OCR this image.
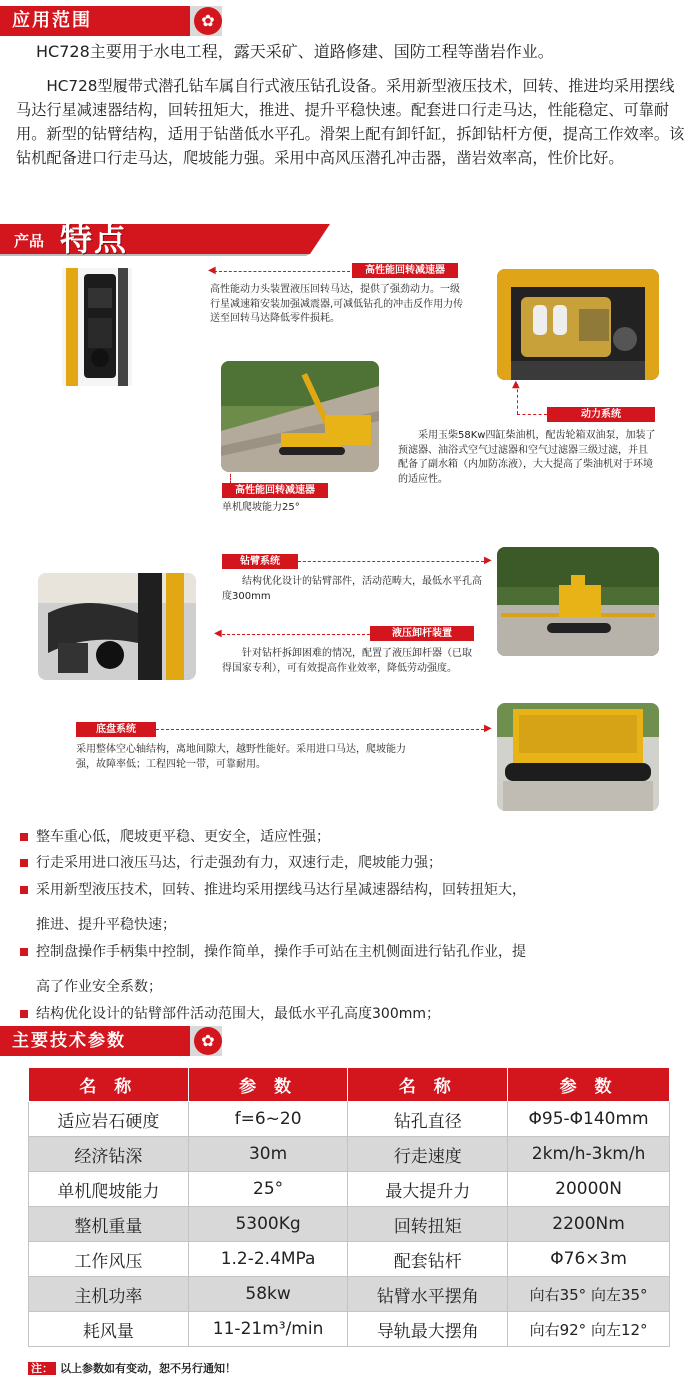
应用范围	✿

HC728主要用于水电工程，露天采矿、道路修建、国防工程等凿岩作业。

HC728型履带式潜孔钻车属自行式液压钻孔设备。采用新型液压技术，回转、推进均采用摆线马达行星减速器结构，回转扭矩大，推进、提升平稳快速。配套进口行走马达，性能稳定、可靠耐用。新型的钻臂结构，适用于钻凿低水平孔。滑架上配有卸钎缸，拆卸钻杆方便，提高工作效率。该钻机配备进口行走马达，爬坡能力强。采用中高风压潜孔冲击器，凿岩效率高，性价比好。

产品 特点
◀	高性能回转减速器
高性能动力头装置液压回转马达，提供了强劲动力。一级行星减速箱安装加强减震器,可减低钻孔的冲击反作用力传送至回转马达降低零件损耗。
▲
动力系统
采用玉柴58Kw四缸柴油机，配齿轮箱双油泵，加装了预滤器、油浴式空气过滤器和空气过滤器三级过滤，并且配备了副水箱（内加防冻液），大大提高了柴油机对于环境的适应性。
高性能回转减速器
单机爬坡能力25°
钻臂系统	▶
结构优化设计的钻臂部件，活动范畴大，最低水平孔高度300mm
◀	液压卸杆装置
针对钻杆拆卸困难的情况，配置了液压卸杆器（已取得国家专利），可有效提高作业效率，降低劳动强度。
底盘系统	▶
采用整体空心轴结构，离地间隙大，越野性能好。采用进口马达，爬坡能力强，故障率低；工程四轮一带，可靠耐用。
整车重心低，爬坡更平稳、更安全，适应性强；
行走采用进口液压马达，行走强劲有力，双速行走，爬坡能力强；
采用新型液压技术，回转、推进均采用摆线马达行星减速器结构，回转扭矩大，
推进、提升平稳快速；
控制盘操作手柄集中控制，操作简单，操作手可站在主机侧面进行钻孔作业，提
高了作业安全系数；
结构优化设计的钻臂部件活动范围大，最低水平孔高度300mm；
主要技术参数	✿
名 称	参 数	名 称	参 数
适应岩石硬度	f=6~20	钻孔直径	Φ95-Φ140mm
经济钻深	30m	行走速度	2km/h-3km/h
单机爬坡能力	25°	最大提升力	20000N
整机重量	5300Kg	回转扭矩	2200Nm
工作风压	1.2-2.4MPa	配套钻杆	Φ76×3m
主机功率	58kw	钻臂水平摆角	向右35° 向左35°
耗风量	11-21m³/min	导轨最大摆角	向右92° 向左12°
注： 以上参数如有变动，恕不另行通知！
